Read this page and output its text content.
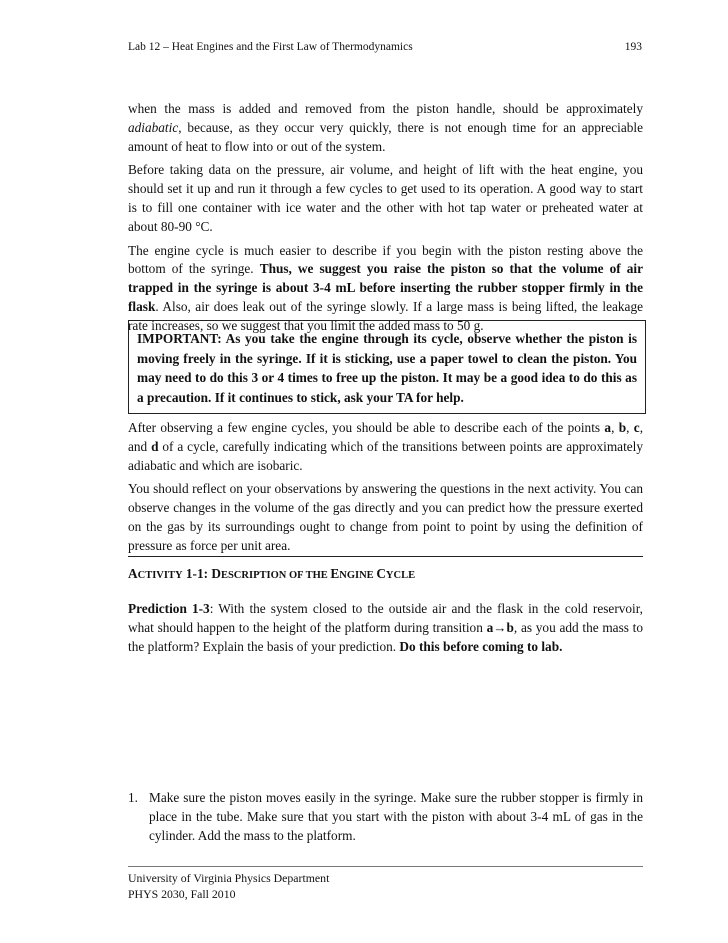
Lab 12 – Heat Engines and the First Law of Thermodynamics	193

when the mass is added and removed from the piston handle, should be approximately adiabatic, because, as they occur very quickly, there is not enough time for an appreciable amount of heat to flow into or out of the system.

Before taking data on the pressure, air volume, and height of lift with the heat engine, you should set it up and run it through a few cycles to get used to its operation. A good way to start is to fill one container with ice water and the other with hot tap water or preheated water at about 80-90 °C.

The engine cycle is much easier to describe if you begin with the piston resting above the bottom of the syringe. Thus, we suggest you raise the piston so that the volume of air trapped in the syringe is about 3-4 mL before inserting the rubber stopper firmly in the flask. Also, air does leak out of the syringe slowly. If a large mass is being lifted, the leakage rate increases, so we suggest that you limit the added mass to 50 g.

IMPORTANT: As you take the engine through its cycle, observe whether the piston is moving freely in the syringe. If it is sticking, use a paper towel to clean the piston. You may need to do this 3 or 4 times to free up the piston. It may be a good idea to do this as a precaution. If it continues to stick, ask your TA for help.

After observing a few engine cycles, you should be able to describe each of the points a, b, c, and d of a cycle, carefully indicating which of the transitions between points are approximately adiabatic and which are isobaric.

You should reflect on your observations by answering the questions in the next activity. You can observe changes in the volume of the gas directly and you can predict how the pressure exerted on the gas by its surroundings ought to change from point to point by using the definition of pressure as force per unit area.

ACTIVITY 1-1: DESCRIPTION OF THE ENGINE CYCLE

Prediction 1-3: With the system closed to the outside air and the flask in the cold reservoir, what should happen to the height of the platform during transition a→b, as you add the mass to the platform? Explain the basis of your prediction. Do this before coming to lab.

1. Make sure the piston moves easily in the syringe. Make sure the rubber stopper is firmly in place in the tube. Make sure that you start with the piston with about 3-4 mL of gas in the cylinder. Add the mass to the platform.
University of Virginia Physics Department
PHYS 2030, Fall 2010
